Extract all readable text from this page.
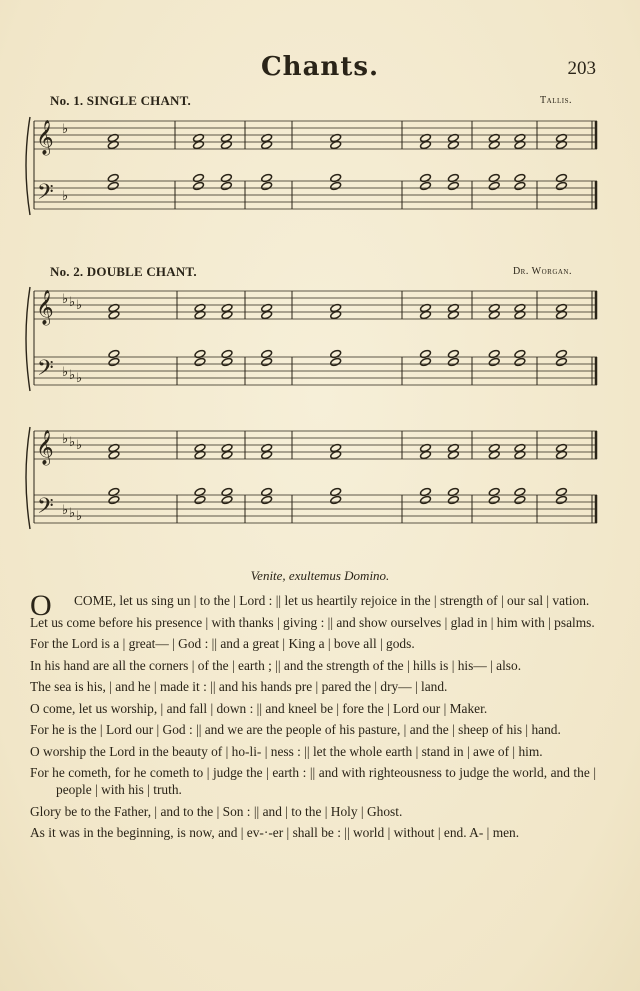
Chants.	203
No. 1. SINGLE CHANT.	Tallis.
No. 2. DOUBLE CHANT.	Dr. Worgan.
𝄞
𝄢
♭
♭
𝄞
𝄢
♭
♭
♭
♭
♭
♭
𝄞
𝄢
♭
♭
♭
♭
♭
♭
Venite, exultemus Domino.

O	COME, let us sing un | to the | Lord : || let us heartily rejoice in the | strength of | our sal | vation.

Let us come before his presence | with thanks | giving : || and show ourselves | glad in | him with | psalms.

For the Lord is a | great— | God : || and a great | King a | bove all | gods.

In his hand are all the corners | of the | earth ; || and the strength of the | hills is | his— | also.

The sea is his, | and he | made it : || and his hands pre | pared the | dry— | land.

O come, let us worship, | and fall | down : || and kneel be | fore the | Lord our | Maker.

For he is the | Lord our | God : || and we are the people of his pasture, | and the | sheep of his | hand.

O worship the Lord in the beauty of | ho-li- | ness : || let the whole earth | stand in | awe of | him.

For he cometh, for he cometh to | judge the | earth : || and with righteousness to judge the world, and the | people | with his | truth.

Glory be to the Father, | and to the | Son : || and | to the | Holy | Ghost.

As it was in the beginning, is now, and | ev-·-er | shall be : || world | without | end. A- | men.
